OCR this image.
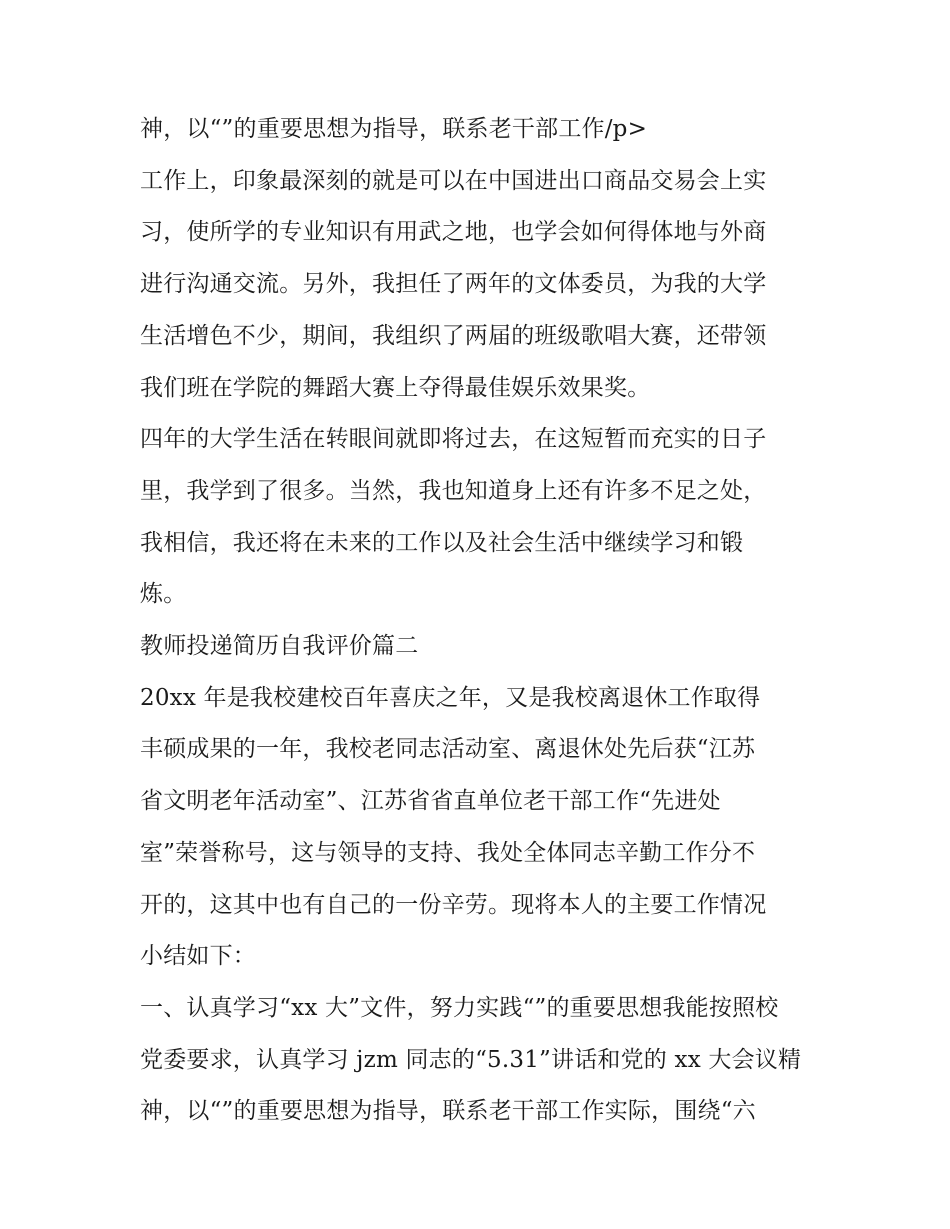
神，以“”的重要思想为指导，联系老干部工作/p>
工作上，印象最深刻的就是可以在中国进出口商品交易会上实
习，使所学的专业知识有用武之地，也学会如何得体地与外商
进行沟通交流。另外，我担任了两年的文体委员，为我的大学
生活增色不少，期间，我组织了两届的班级歌唱大赛，还带领
我们班在学院的舞蹈大赛上夺得最佳娱乐效果奖。
四年的大学生活在转眼间就即将过去，在这短暂而充实的日子
里，我学到了很多。当然，我也知道身上还有许多不足之处，
我相信，我还将在未来的工作以及社会生活中继续学习和锻
炼。
教师投递简历自我评价篇二
20xx 年是我校建校百年喜庆之年，又是我校离退休工作取得
丰硕成果的一年，我校老同志活动室、离退休处先后获“江苏
省文明老年活动室”、江苏省省直单位老干部工作“先进处
室”荣誉称号，这与领导的支持、我处全体同志辛勤工作分不
开的，这其中也有自己的一份辛劳。现将本人的主要工作情况
小结如下：
一、认真学习“xx 大”文件，努力实践“”的重要思想我能按照校
党委要求，认真学习 jzm 同志的“5.31”讲话和党的 xx 大会议精
神，以“”的重要思想为指导，联系老干部工作实际，围绕“六
